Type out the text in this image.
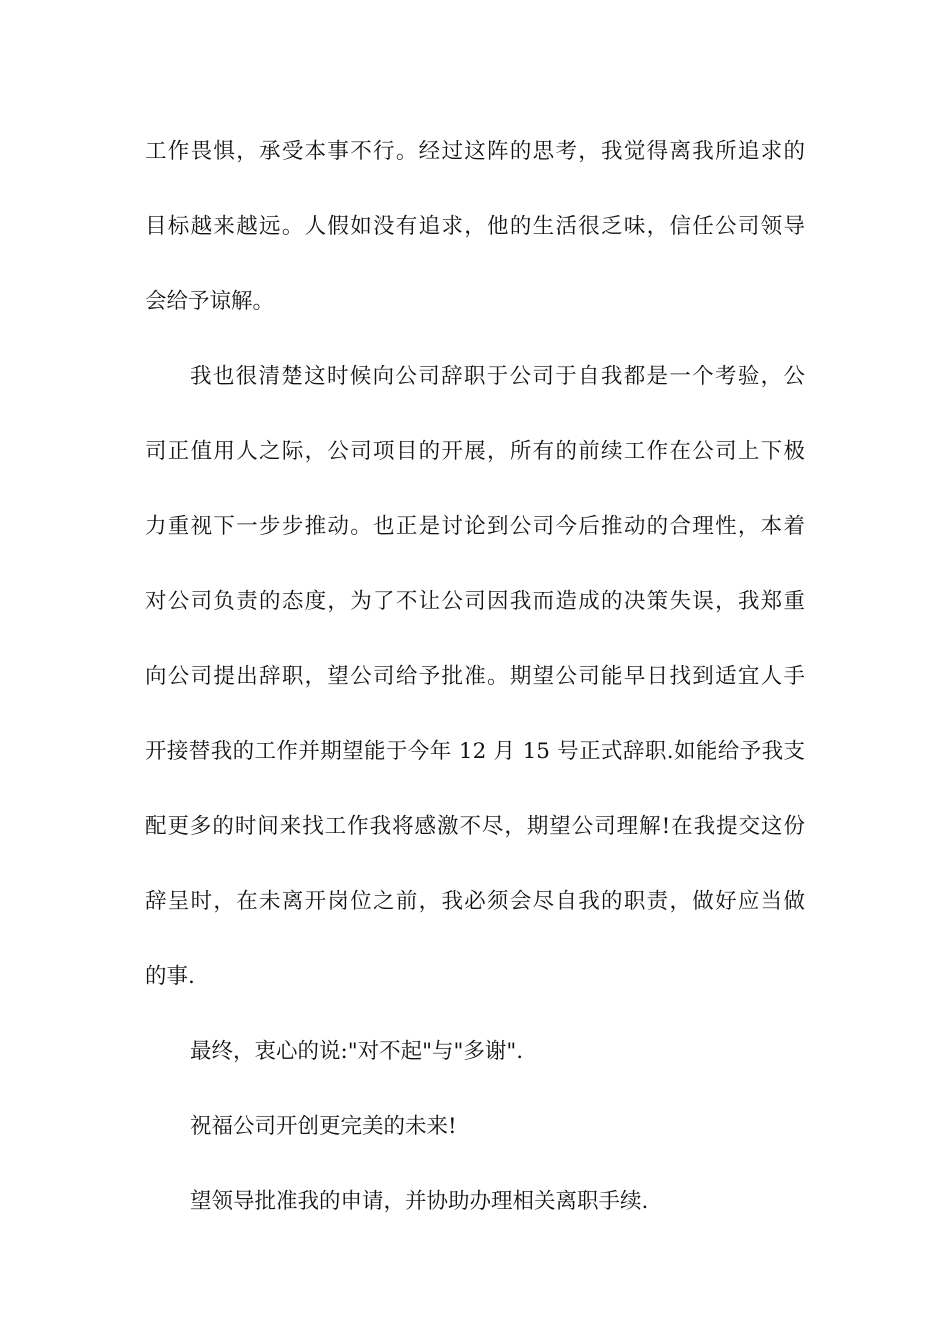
工作畏惧，承受本事不行。经过这阵的思考，我觉得离我所追求的
目标越来越远。人假如没有追求，他的生活很乏味，信任公司领导
会给予谅解。
我也很清楚这时候向公司辞职于公司于自我都是一个考验，公
司正值用人之际，公司项目的开展，所有的前续工作在公司上下极
力重视下一步步推动。也正是讨论到公司今后推动的合理性，本着
对公司负责的态度，为了不让公司因我而造成的决策失误，我郑重
向公司提出辞职，望公司给予批准。期望公司能早日找到适宜人手
开接替我的工作并期望能于今年 12 月 15 号正式辞职.如能给予我支
配更多的时间来找工作我将感激不尽，期望公司理解!在我提交这份
辞呈时，在未离开岗位之前，我必须会尽自我的职责，做好应当做
的事.
最终，衷心的说:"对不起"与"多谢".
祝福公司开创更完美的未来!
望领导批准我的申请，并协助办理相关离职手续.
